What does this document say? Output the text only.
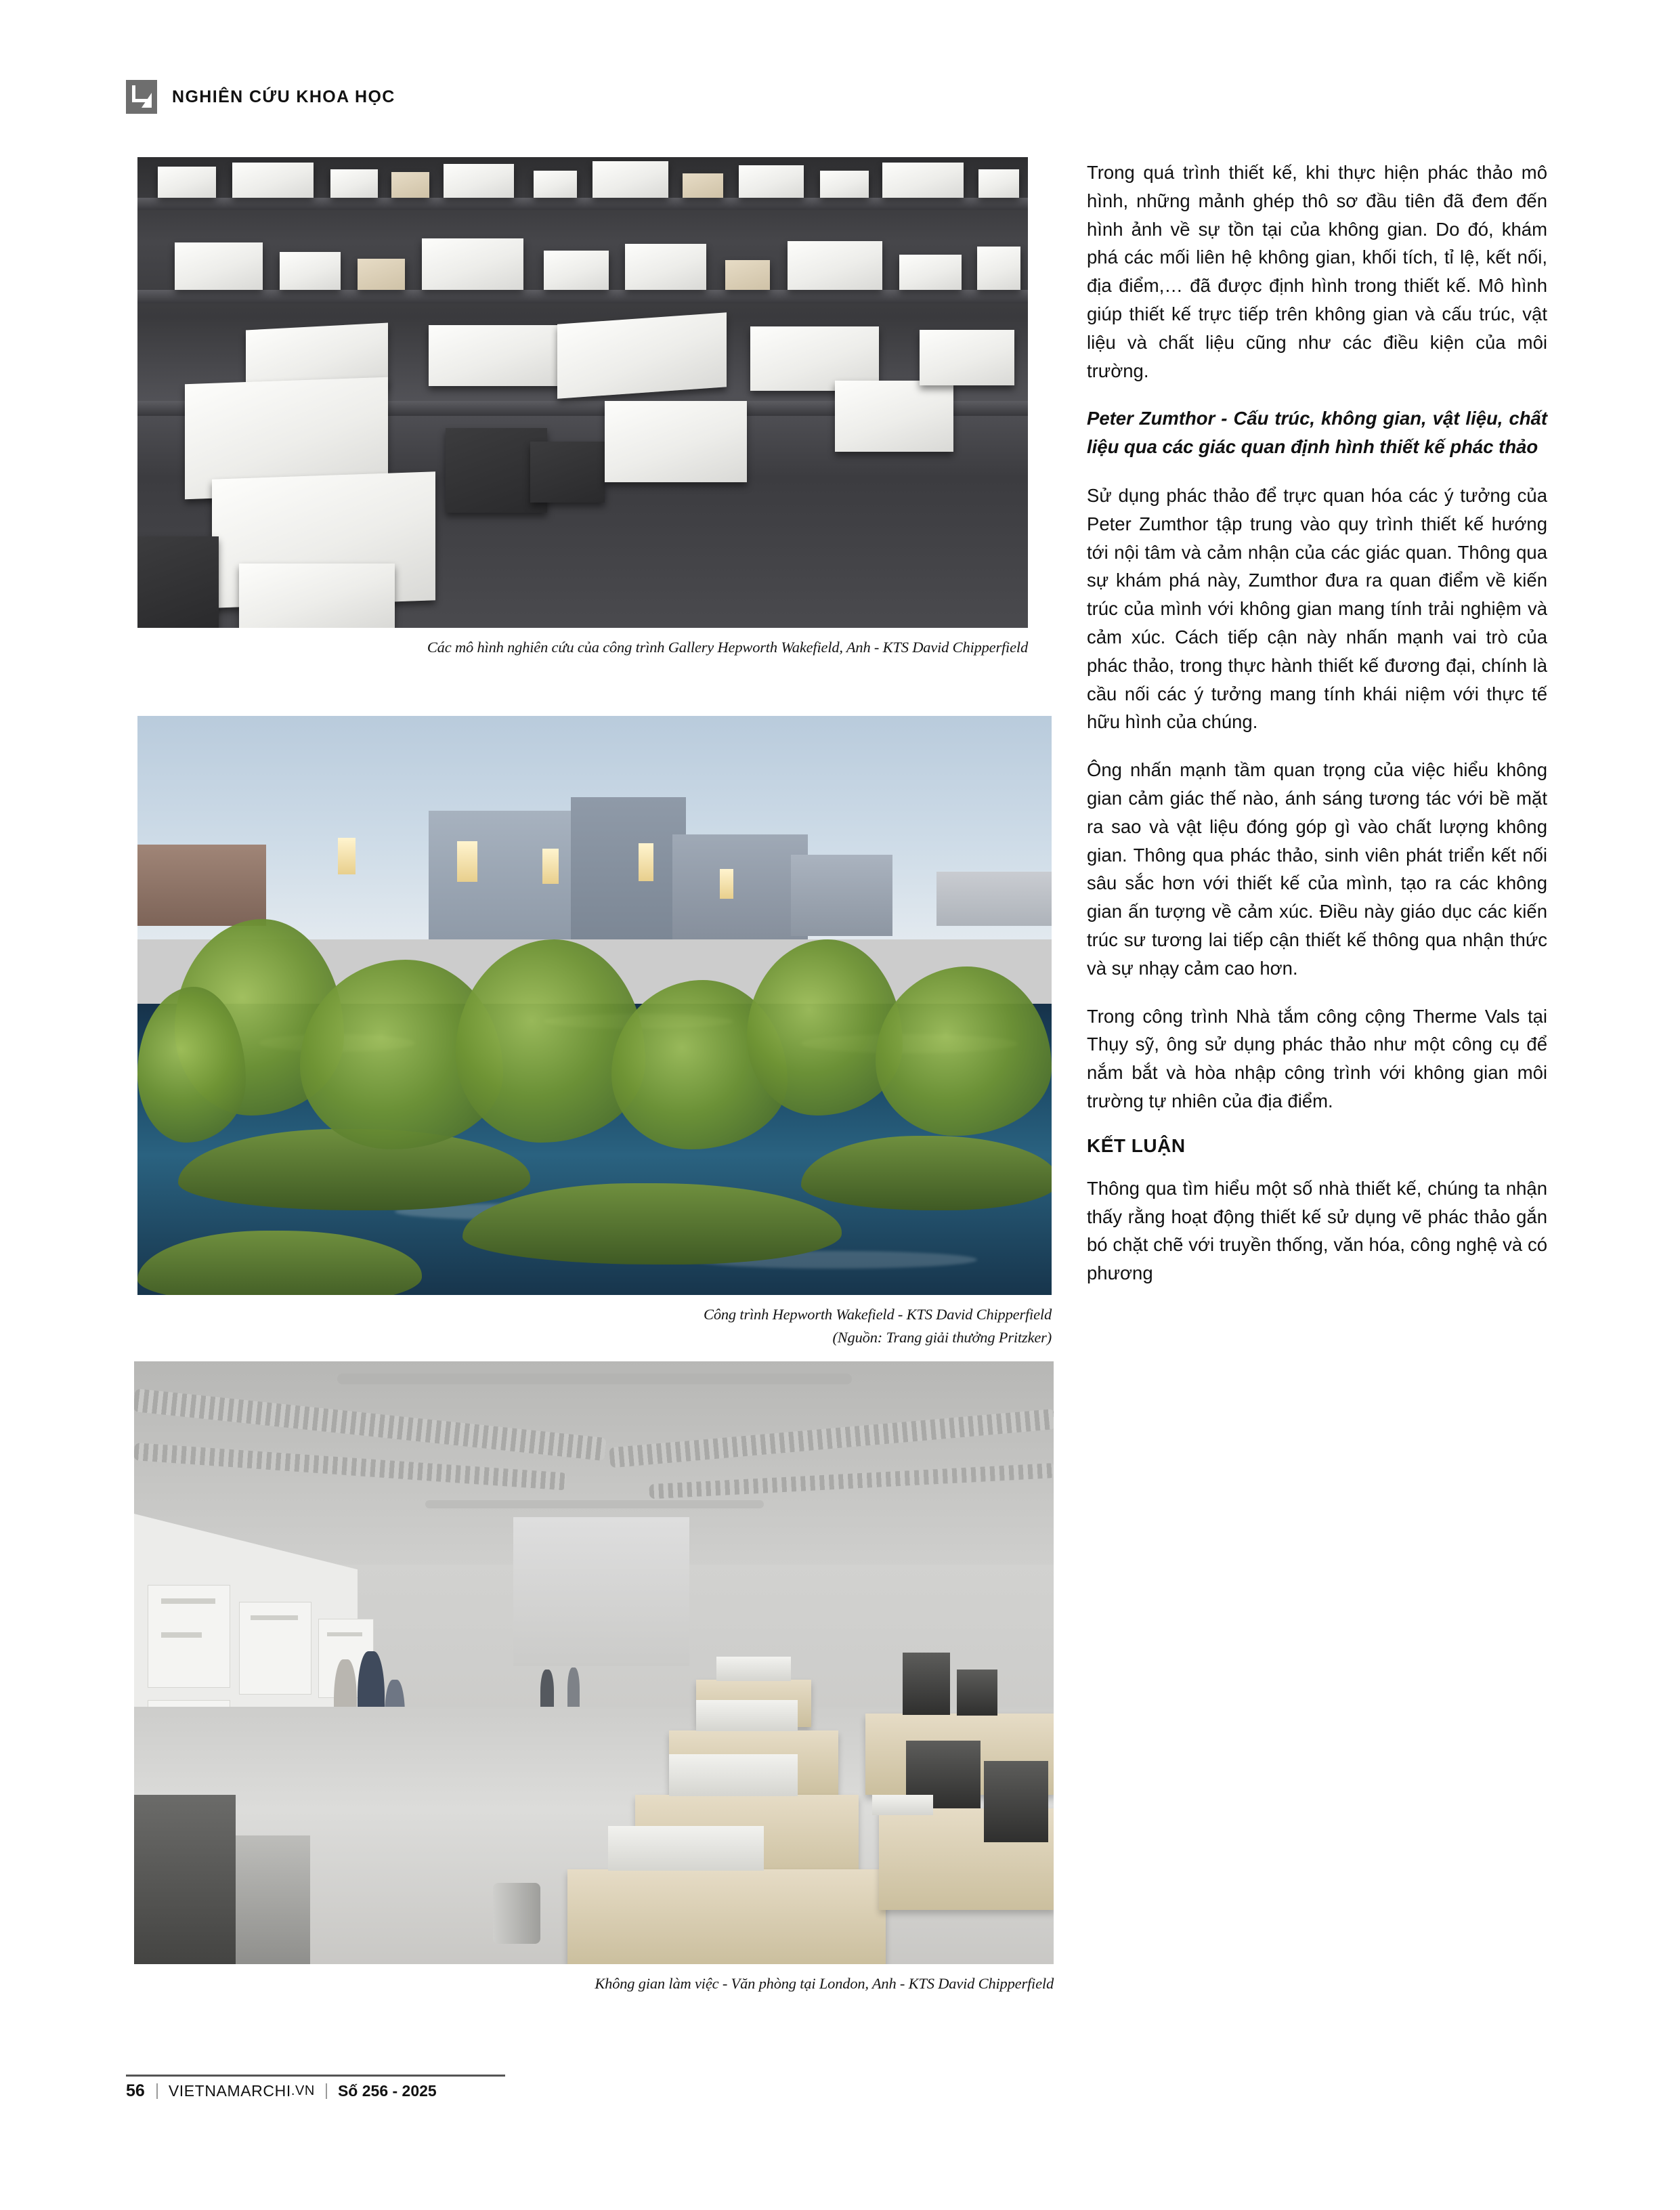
NGHIÊN CỨU KHOA HỌC
Các mô hình nghiên cứu của công trình Gallery Hepworth Wakefield, Anh - KTS David Chipperfield
Công trình Hepworth Wakefield - KTS David Chipperfield
(Nguồn: Trang giải thưởng Pritzker)
Không gian làm việc - Văn phòng tại London, Anh - KTS David Chipperfield

Trong quá trình thiết kế, khi thực hiện phác thảo mô hình, những mảnh ghép thô sơ đầu tiên đã đem đến hình ảnh về sự tồn tại của không gian. Do đó, khám phá các mối liên hệ không gian, khối tích, tỉ lệ, kết nối, địa điểm,… đã được định hình trong thiết kế. Mô hình giúp thiết kế trực tiếp trên không gian và cấu trúc, vật liệu và chất liệu cũng như các điều kiện của môi trường.

Peter Zumthor - Cấu trúc, không gian, vật liệu, chất liệu qua các giác quan định hình thiết kế phác thảo

Sử dụng phác thảo để trực quan hóa các ý tưởng của Peter Zumthor tập trung vào quy trình thiết kế hướng tới nội tâm và cảm nhận của các giác quan. Thông qua sự khám phá này, Zumthor đưa ra quan điểm về kiến trúc của mình với không gian mang tính trải nghiệm và cảm xúc. Cách tiếp cận này nhấn mạnh vai trò của phác thảo, trong thực hành thiết kế đương đại, chính là cầu nối các ý tưởng mang tính khái niệm với thực tế hữu hình của chúng.

Ông nhấn mạnh tầm quan trọng của việc hiểu không gian cảm giác thế nào, ánh sáng tương tác với bề mặt ra sao và vật liệu đóng góp gì vào chất lượng không gian. Thông qua phác thảo, sinh viên phát triển kết nối sâu sắc hơn với thiết kế của mình, tạo ra các không gian ấn tượng về cảm xúc. Điều này giáo dục các kiến trúc sư tương lai tiếp cận thiết kế thông qua nhận thức và sự nhạy cảm cao hơn.

Trong công trình Nhà tắm công cộng Therme Vals tại Thụy sỹ, ông sử dụng phác thảo như một công cụ để nắm bắt và hòa nhập công trình với không gian môi trường tự nhiên của địa điểm.

KẾT LUẬN

Thông qua tìm hiểu một số nhà thiết kế, chúng ta nhận thấy rằng hoạt động thiết kế sử dụng vẽ phác thảo gắn bó chặt chẽ với truyền thống, văn hóa, công nghệ và có phương

56	VIETNAMARCHI .VN	Số 256 - 2025
